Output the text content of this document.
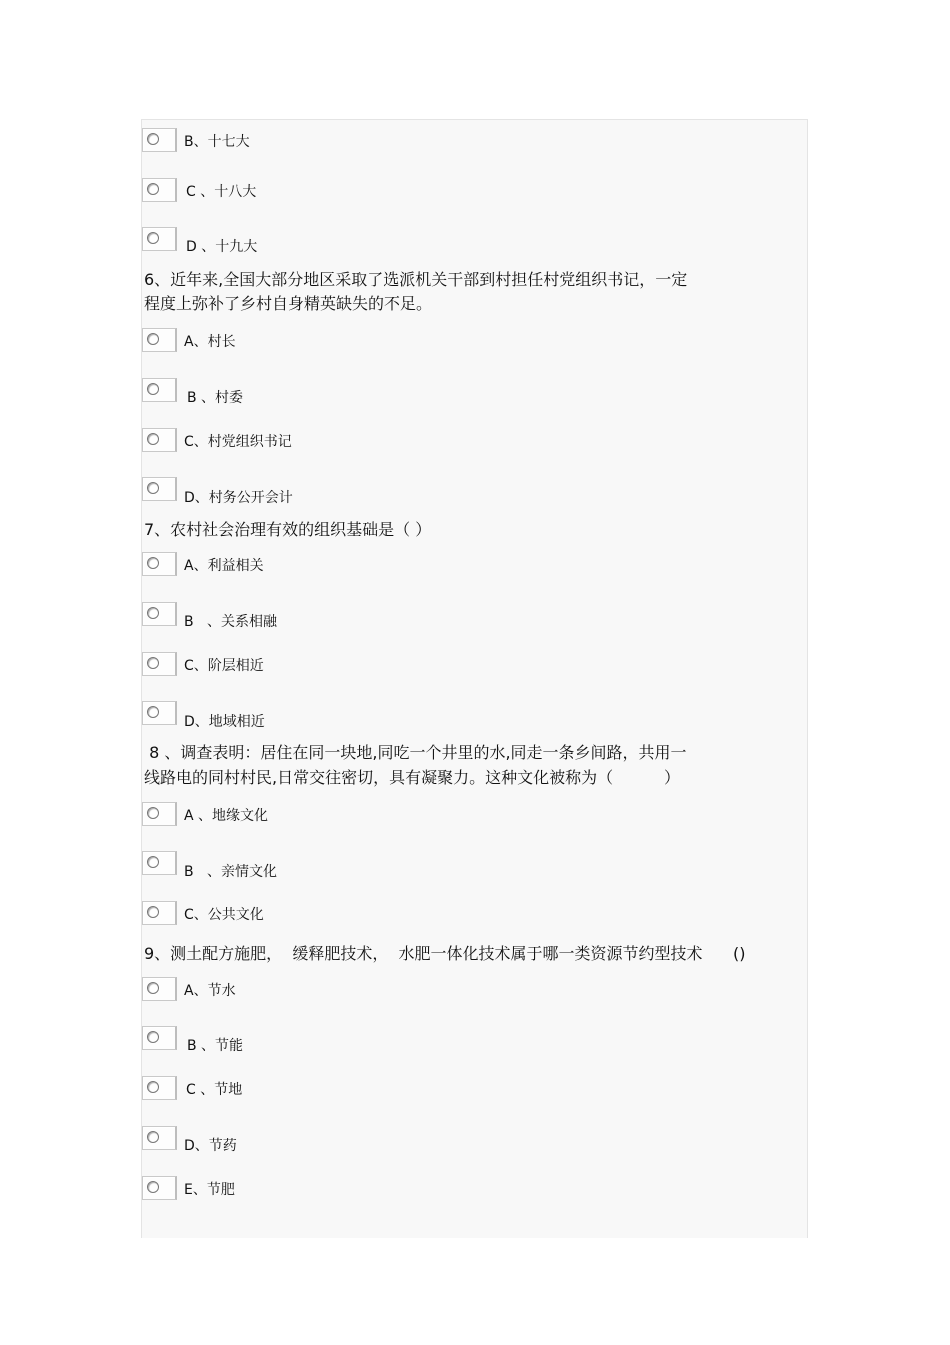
B、十七大
C 、十八大
D 、十九大
6、近年来,全国大部分地区采取了选派机关干部到村担任村党组织书记，一定
程度上弥补了乡村自身精英缺失的不足。
A、村长
B 、村委
C、村党组织书记
D、村务公开会计
7、农村社会治理有效的组织基础是（ ）
A、利益相关
B   、关系相融
C、阶层相近
D、地域相近
8 、调查表明：居住在同一块地,同吃一个井里的水,同走一条乡间路，共用一
线路电的同村村民,日常交往密切，具有凝聚力。这种文化被称为（          ）
A 、地缘文化
B   、亲情文化
C、公共文化
9、测土配方施肥，  缓释肥技术，  水肥一体化技术属于哪一类资源节约型技术      ()
A、节水
B 、节能
C 、节地
D、节药
E、节肥
